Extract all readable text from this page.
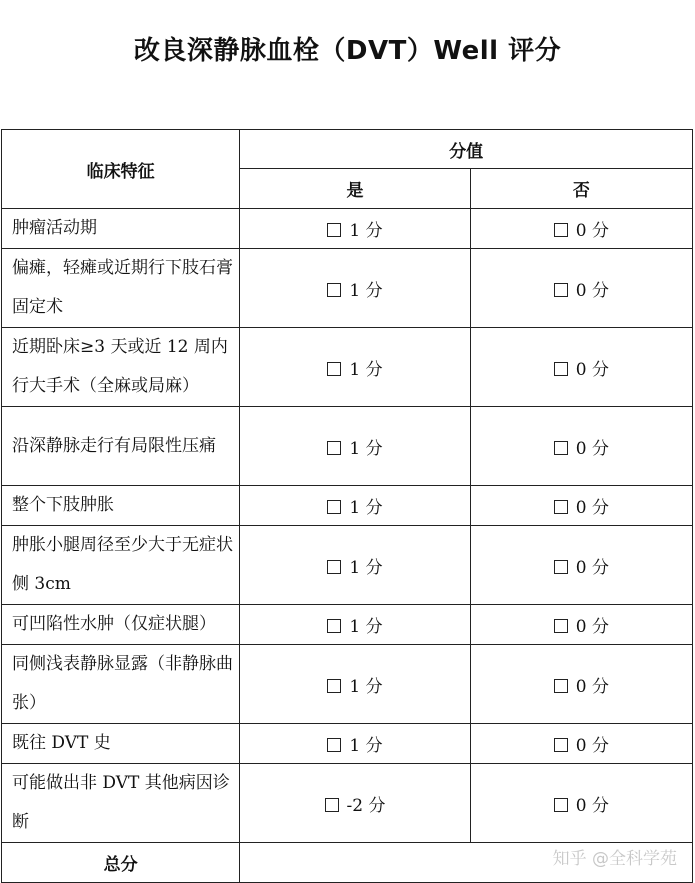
改良深静脉血栓（DVT）Well 评分
临床特征	分值	
	是	否
肿瘤活动期	1 分	0 分
偏瘫，轻瘫或近期行下肢石膏固定术	1 分	0 分
近期卧床≥3 天或近 12 周内行大手术（全麻或局麻）	1 分	0 分
沿深静脉走行有局限性压痛	1 分	0 分
整个下肢肿胀	1 分	0 分
肿胀小腿周径至少大于无症状侧 3cm	1 分	0 分
可凹陷性水肿（仅症状腿）	1 分	0 分
同侧浅表静脉显露（非静脉曲张）	1 分	0 分
既往 DVT 史	1 分	0 分
可能做出非 DVT 其他病因诊断	-2 分	0 分
总分			知乎 @全科学苑
